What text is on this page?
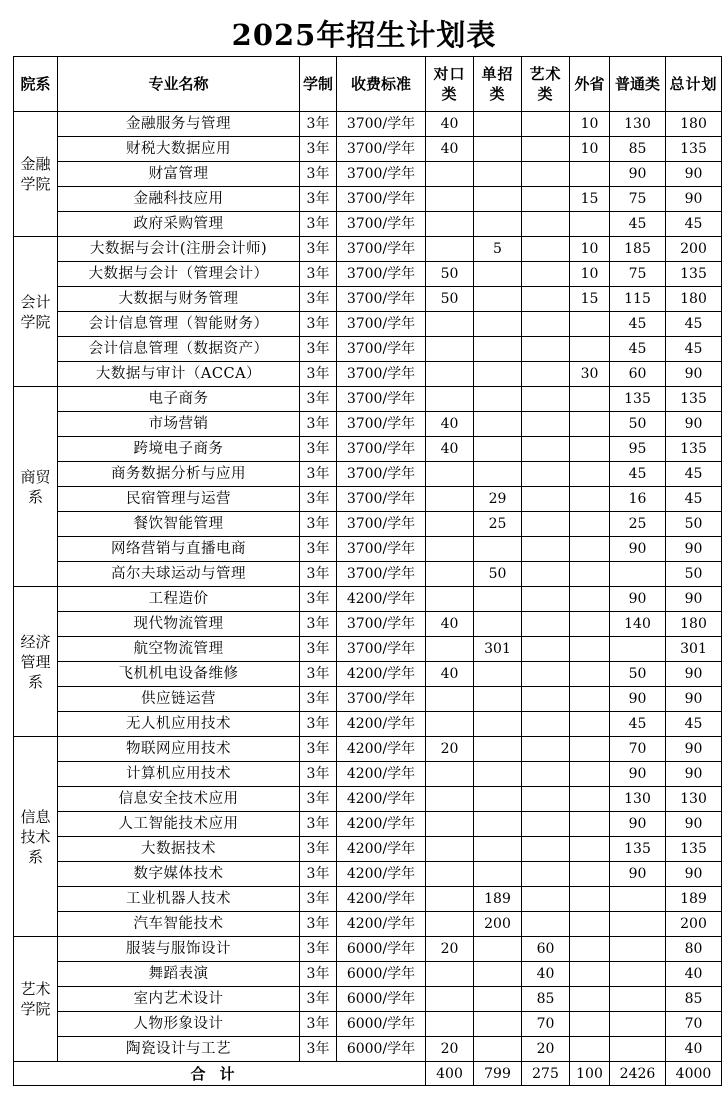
2025年招生计划表
院系	专业名称	学制	收费标准	对口类	单招类	艺术类	外省	普通类	总计划
金融学院	金融服务与管理	3年	3700/学年	40			10	130	180
	财税大数据应用	3年	3700/学年	40			10	85	135
	财富管理	3年	3700/学年					90	90
	金融科技应用	3年	3700/学年				15	75	90
	政府采购管理	3年	3700/学年					45	45
会计学院	大数据与会计(注册会计师)	3年	3700/学年		5		10	185	200
	大数据与会计（管理会计）	3年	3700/学年	50			10	75	135
	大数据与财务管理	3年	3700/学年	50			15	115	180
	会计信息管理（智能财务）	3年	3700/学年					45	45
	会计信息管理（数据资产）	3年	3700/学年					45	45
	大数据与审计（ACCA）	3年	3700/学年				30	60	90
商贸系	电子商务	3年	3700/学年					135	135
	市场营销	3年	3700/学年	40				50	90
	跨境电子商务	3年	3700/学年	40				95	135
	商务数据分析与应用	3年	3700/学年					45	45
	民宿管理与运营	3年	3700/学年		29			16	45
	餐饮智能管理	3年	3700/学年		25			25	50
	网络营销与直播电商	3年	3700/学年					90	90
	高尔夫球运动与管理	3年	3700/学年		50				50
经济管理系	工程造价	3年	4200/学年					90	90
	现代物流管理	3年	3700/学年	40				140	180
	航空物流管理	3年	3700/学年		301				301
	飞机机电设备维修	3年	4200/学年	40				50	90
	供应链运营	3年	3700/学年					90	90
	无人机应用技术	3年	4200/学年					45	45
信息技术系	物联网应用技术	3年	4200/学年	20				70	90
	计算机应用技术	3年	4200/学年					90	90
	信息安全技术应用	3年	4200/学年					130	130
	人工智能技术应用	3年	4200/学年					90	90
	大数据技术	3年	4200/学年					135	135
	数字媒体技术	3年	4200/学年					90	90
	工业机器人技术	3年	4200/学年		189				189
	汽车智能技术	3年	4200/学年		200				200
艺术学院	服装与服饰设计	3年	6000/学年	20		60			80
	舞蹈表演	3年	6000/学年			40			40
	室内艺术设计	3年	6000/学年			85			85
	人物形象设计	3年	6000/学年			70			70
	陶瓷设计与工艺	3年	6000/学年	20		20			40
合计				400	799	275	100	2426	4000
